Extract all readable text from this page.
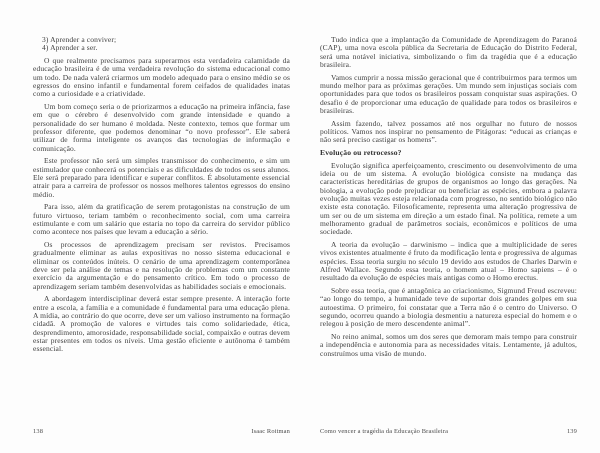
3) Aprender a conviver;
4) Aprender a ser.

O que realmente precisamos para superarmos esta verdadeira calamidade da educação brasileira é de uma verdadeira revolução do sistema educacional como um todo. De nada valerá criarmos um modelo adequado para o ensino médio se os egressos do ensino infantil e fundamental forem ceifados de qualidades inatas como a curiosidade e a criatividade.

Um bom começo seria o de priorizarmos a educação na primeira infância, fase em que o cérebro é desenvolvido com grande intensidade e quando a personalidade do ser humano é moldada. Neste contexto, temos que formar um professor diferente, que podemos denominar “o novo professor”. Ele saberá utilizar de forma inteligente os avanços das tecnologias de informação e comunicação.

Este professor não será um simples transmissor do conhecimento, e sim um estimulador que conhecerá os potenciais e as dificuldades de todos os seus alunos. Ele será preparado para identificar e superar conflitos. É absolutamente essencial atrair para a carreira de professor os nossos melhores talentos egressos do ensino médio.

Para isso, além da gratificação de serem protagonistas na construção de um futuro virtuoso, teriam também o reconhecimento social, com uma carreira estimulante e com um salário que estaria no topo da carreira do servidor público como acontece nos países que levam a educação a sério.

Os processos de aprendizagem precisam ser revistos. Precisamos gradualmente eliminar as aulas expositivas no nosso sistema educacional e eliminar os conteúdos inúteis. O cenário de uma aprendizagem contemporânea deve ser pela análise de temas e na resolução de problemas com um constante exercício da argumentação e do pensamento crítico. Em todo o processo de aprendizagem seriam também desenvolvidas as habilidades sociais e emocionais.

A abordagem interdisciplinar deverá estar sempre presente. A interação forte entre a escola, a família e a comunidade é fundamental para uma educação plena. A mídia, ao contrário do que ocorre, deve ser um valioso instrumento na formação cidadã. A promoção de valores e virtudes tais como solidariedade, ética, desprendimento, amorosidade, responsabilidade social, compaixão e outras devem estar presentes em todos os níveis. Uma gestão eficiente e autônoma é também essencial.

138	Isaac Roitman

Tudo indica que a implantação da Comunidade de Aprendizagem do Paranoá (CAP), uma nova escola pública da Secretaria de Educação do Distrito Federal, será uma notável iniciativa, simbolizando o fim da tragédia que é a educação brasileira.

Vamos cumprir a nossa missão geracional que é contribuirmos para termos um mundo melhor para as próximas gerações. Um mundo sem injustiças sociais com oportunidades para que todos os brasileiros possam conquistar suas aspirações. O desafio é de proporcionar uma educação de qualidade para todos os brasileiros e brasileiras.

Assim fazendo, talvez possamos até nos orgulhar no futuro de nossos políticos. Vamos nos inspirar no pensamento de Pitágoras: “educai as crianças e não será preciso castigar os homens”.

Evolução ou retrocesso?

Evolução significa aperfeiçoamento, crescimento ou desenvolvimento de uma ideia ou de um sistema. A evolução biológica consiste na mudança das características hereditárias de grupos de organismos ao longo das gerações. Na biologia, a evolução pode prejudicar ou beneficiar as espécies, embora a palavra evolução muitas vezes esteja relacionada com progresso, no sentido biológico não existe esta conotação. Filosoficamente, representa uma alteração progressiva de um ser ou de um sistema em direção a um estado final. Na política, remete a um melhoramento gradual de parâmetros sociais, econômicos e políticos de uma sociedade.

A teoria da evolução – darwinismo – indica que a multiplicidade de seres vivos existentes atualmente é fruto da modificação lenta e progressiva de algumas espécies. Essa teoria surgiu no século 19 devido aos estudos de Charles Darwin e Alfred Wallace. Segundo essa teoria, o homem atual – Homo sapiens – é o resultado da evolução de espécies mais antigas como o Homo erectus.

Sobre essa teoria, que é antagônica ao criacionismo, Sigmund Freud escreveu: “ao longo do tempo, a humanidade teve de suportar dois grandes golpes em sua autoestima. O primeiro, foi constatar que a Terra não é o centro do Universo. O segundo, ocorreu quando a biologia desmentiu a natureza especial do homem e o relegou à posição de mero descendente animal”.

No reino animal, somos um dos seres que demoram mais tempo para construir a independência e autonomia para as necessidades vitais. Lentamente, já adultos, construímos uma visão de mundo.

Como vencer a tragédia da Educação Brasileira	139
